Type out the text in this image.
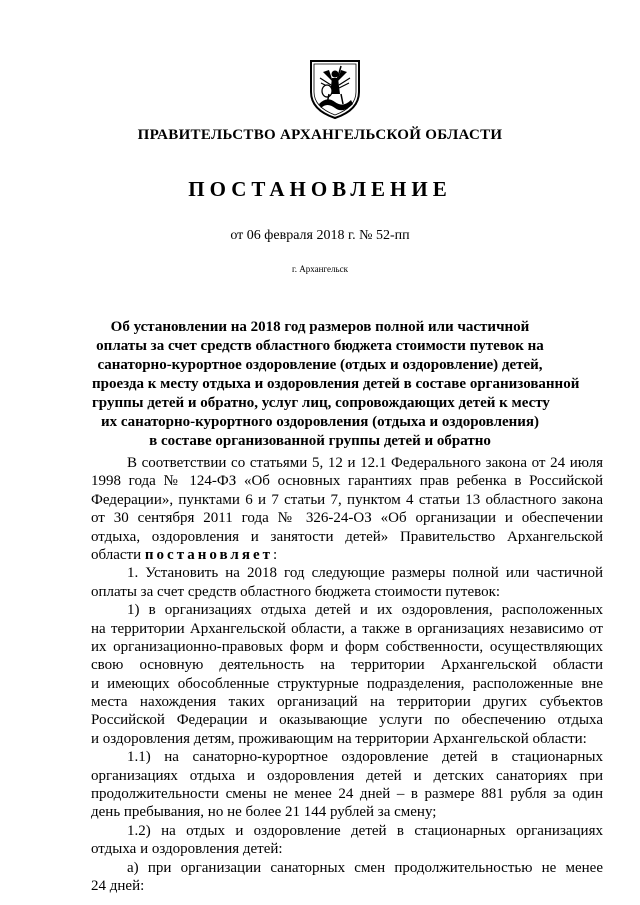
ПРАВИТЕЛЬСТВО АРХАНГЕЛЬСКОЙ ОБЛАСТИ
ПОСТАНОВЛЕНИЕ
от 06 февраля 2018 г. № 52-пп
г. Архангельск
Об установлении на 2018 год размеров полной или частичной
оплаты за счет средств областного бюджета стоимости путевок на
санаторно-курортное оздоровление (отдых и оздоровление) детей,
проезда к месту отдыха и оздоровления детей в составе организованной
группы детей и обратно, услуг лиц, сопровождающих детей к месту
их санаторно-курортного оздоровления (отдыха и оздоровления)
в составе организованной группы детей и обратно
В соответствии со статьями 5, 12 и 12.1 Федерального закона от 24 июля
1998 года № 124-ФЗ «Об основных гарантиях прав ребенка в Российской
Федерации», пунктами 6 и 7 статьи 7, пунктом 4 статьи 13 областного закона
от 30 сентября 2011 года № 326-24-ОЗ «Об организации и обеспечении
отдыха, оздоровления и занятости детей» Правительство Архангельской
области постановляет:
1. Установить на 2018 год следующие размеры полной или частичной
оплаты за счет средств областного бюджета стоимости путевок:
1) в организациях отдыха детей и их оздоровления, расположенных
на территории Архангельской области, а также в организациях независимо от
их организационно-правовых форм и форм собственности, осуществляющих
свою основную деятельность на территории Архангельской области
и имеющих обособленные структурные подразделения, расположенные вне
места нахождения таких организаций на территории других субъектов
Российской Федерации и оказывающие услуги по обеспечению отдыха
и оздоровления детям, проживающим на территории Архангельской области:
1.1) на санаторно-курортное оздоровление детей в стационарных
организациях отдыха и оздоровления детей и детских санаториях при
продолжительности смены не менее 24 дней – в размере 881 рубля за один
день пребывания, но не более 21 144 рублей за смену;
1.2) на отдых и оздоровление детей в стационарных организациях
отдыха и оздоровления детей:
а) при организации санаторных смен продолжительностью не менее
24 дней:
